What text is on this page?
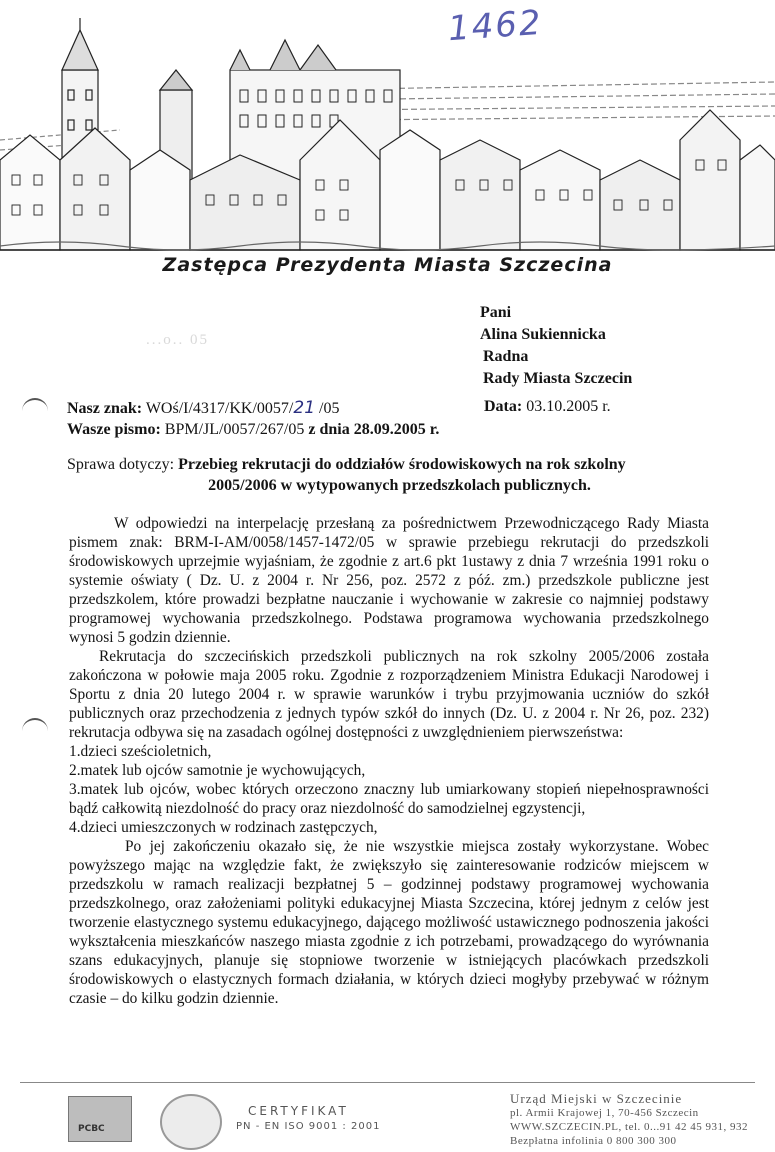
1462
Zastępca Prezydenta Miasta Szczecina
...o.. 05
Pani
Alina Sukiennicka
Radna
Rady Miasta Szczecin
Nasz znak: WOś/I/4317/KK/0057/21 /05
Wasze pismo: BPM/JL/0057/267/05 z dnia 28.09.2005 r.
Data: 03.10.2005 r.
Sprawa dotyczy: Przebieg rekrutacji do oddziałów środowiskowych na rok szkolny
2005/2006 w wytypowanych przedszkolach publicznych.

W odpowiedzi na interpelację przesłaną za pośrednictwem Przewodniczącego Rady Miasta pismem znak: BRM-I-AM/0058/1457-1472/05 w sprawie przebiegu rekrutacji do przedszkoli środowiskowych uprzejmie wyjaśniam, że zgodnie z art.6 pkt 1ustawy z dnia 7 września 1991 roku o systemie oświaty ( Dz. U. z 2004 r. Nr 256, poz. 2572 z póź. zm.) przedszkole publiczne jest przedszkolem, które prowadzi bezpłatne nauczanie i wychowanie w zakresie co najmniej podstawy programowej wychowania przedszkolnego. Podstawa programowa wychowania przedszkolnego wynosi 5 godzin dziennie.

Rekrutacja do szczecińskich przedszkoli publicznych na rok szkolny 2005/2006 została zakończona w połowie maja 2005 roku. Zgodnie z rozporządzeniem Ministra Edukacji Narodowej i Sportu z dnia 20 lutego 2004 r. w sprawie warunków i trybu przyjmowania uczniów do szkół publicznych oraz przechodzenia z jednych typów szkół do innych (Dz. U. z 2004 r. Nr 26, poz. 232) rekrutacja odbywa się na zasadach ogólnej dostępności z uwzględnieniem pierwszeństwa:

1.dzieci sześcioletnich,

2.matek lub ojców samotnie je wychowujących,

3.matek lub ojców, wobec których orzeczono znaczny lub umiarkowany stopień niepełnosprawności bądź całkowitą niezdolność do pracy oraz niezdolność do samodzielnej egzystencji,

4.dzieci umieszczonych w rodzinach zastępczych,

Po jej zakończeniu okazało się, że nie wszystkie miejsca zostały wykorzystane. Wobec powyższego mając na względzie fakt, że zwiększyło się zainteresowanie rodziców miejscem w przedszkolu w ramach realizacji bezpłatnej 5 – godzinnej podstawy programowej wychowania przedszkolnego, oraz założeniami polityki edukacyjnej Miasta Szczecina, której jednym z celów jest tworzenie elastycznego systemu edukacyjnego, dającego możliwość ustawicznego podnoszenia jakości wykształcenia mieszkańców naszego miasta zgodnie z ich potrzebami, prowadzącego do wyrównania szans edukacyjnych, planuje się stopniowe tworzenie w istniejących placówkach przedszkoli środowiskowych o elastycznych formach działania, w których dzieci mogłyby przebywać w różnym czasie – do kilku godzin dziennie.

PCBC
CERTYFIKAT
PN - EN ISO 9001 : 2001
Urząd Miejski w Szczecinie
pl. Armii Krajowej 1, 70-456 Szczecin
WWW.SZCZECIN.PL, tel. 0...91 42 45 931, 932
Bezpłatna infolinia 0 800 300 300
